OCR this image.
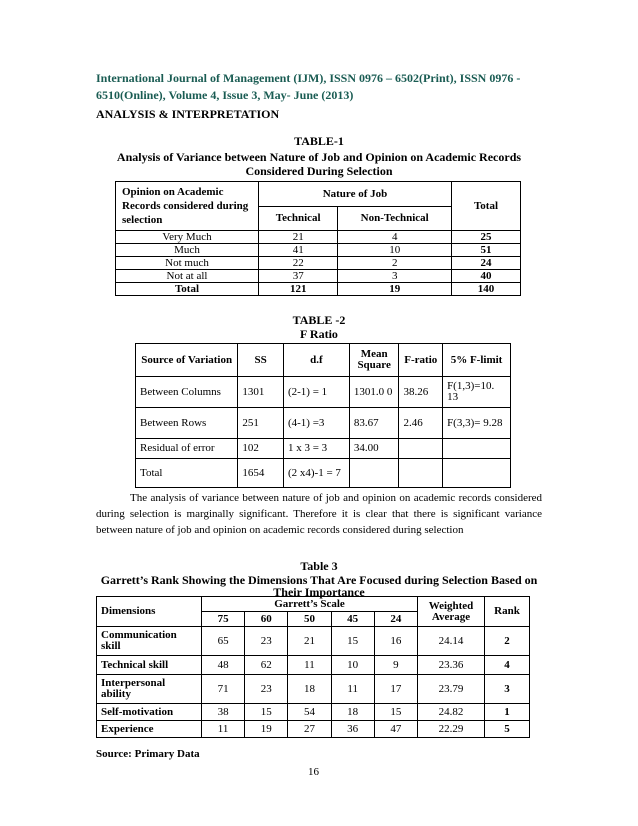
International Journal of Management (IJM), ISSN 0976 – 6502(Print), ISSN 0976 -
6510(Online), Volume 4, Issue 3, May- June (2013)
ANALYSIS & INTERPRETATION
TABLE-1
Analysis of Variance between Nature of Job and Opinion on Academic Records
Considered During Selection
Opinion on Academic Records considered during selection	Nature of Job		Total
	Technical	Non-Technical	
Very Much	21	4	25
Much	41	10	51
Not much	22	2	24
Not at all	37	3	40
Total	121	19	140
TABLE -2
F Ratio
Source of Variation	SS	d.f	Mean Square	F-ratio	5% F-limit
Between Columns	1301	(2-1) = 1	1301.0 0	38.26	F(1,3)=10. 13
Between Rows	251	(4-1) =3	83.67	2.46	F(3,3)= 9.28
Residual of error	102	1 x 3 = 3	34.00		
Total	1654	(2 x4)-1 = 7			
The analysis of variance between nature of job and opinion on academic records considered during selection is marginally significant. Therefore it is clear that there is significant variance between nature of job and opinion on academic records considered during selection
Table 3
Garrett’s Rank Showing the Dimensions That Are Focused during Selection Based on
Their Importance
Dimensions	Garrett’s Scale					Weighted Average	Rank
	75	60	50	45	24		
Communication skill	65	23	21	15	16	24.14	2
Technical skill	48	62	11	10	9	23.36	4
Interpersonal ability	71	23	18	11	17	23.79	3
Self-motivation	38	15	54	18	15	24.82	1
Experience	11	19	27	36	47	22.29	5
Source: Primary Data
16
